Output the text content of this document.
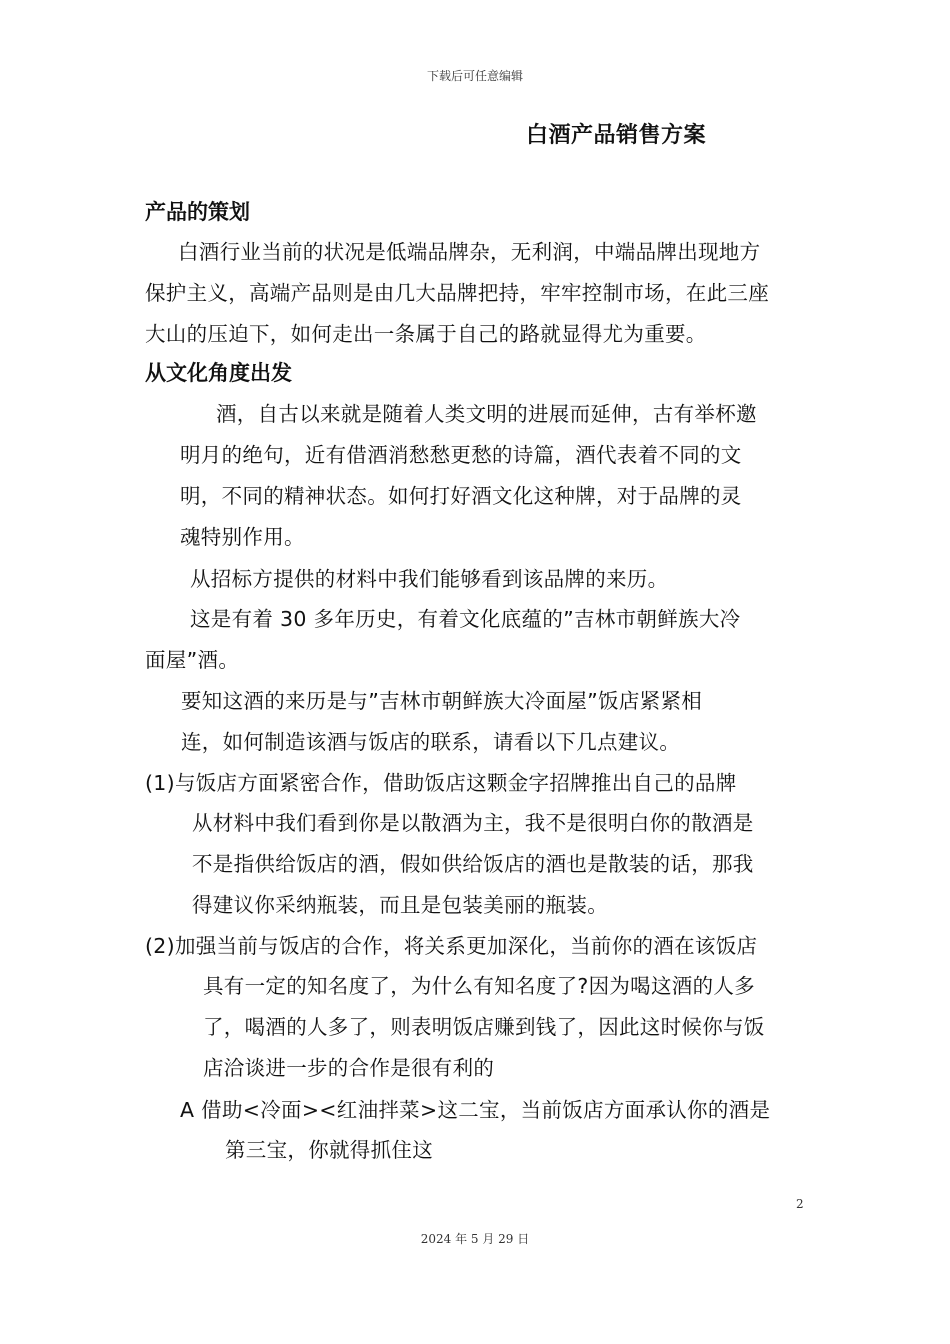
下载后可任意编辑
白酒产品销售方案
产品的策划

白酒行业当前的状况是低端品牌杂，无利润，中端品牌出现地方

保护主义，高端产品则是由几大品牌把持，牢牢控制市场，在此三座

大山的压迫下，如何走出一条属于自己的路就显得尤为重要。

从文化角度出发

酒，自古以来就是随着人类文明的进展而延伸，古有举杯邀

明月的绝句，近有借酒消愁愁更愁的诗篇，酒代表着不同的文

明，不同的精神状态。如何打好酒文化这种牌，对于品牌的灵

魂特别作用。

从招标方提供的材料中我们能够看到该品牌的来历。

这是有着 30 多年历史，有着文化底蕴的”吉林市朝鲜族大冷

面屋”酒。

要知这酒的来历是与”吉林市朝鲜族大冷面屋”饭店紧紧相

连，如何制造该酒与饭店的联系，请看以下几点建议。

(1)与饭店方面紧密合作，借助饭店这颗金字招牌推出自己的品牌

从材料中我们看到你是以散酒为主，我不是很明白你的散酒是

不是指供给饭店的酒，假如供给饭店的酒也是散装的话，那我

得建议你采纳瓶装，而且是包装美丽的瓶装。

(2)加强当前与饭店的合作，将关系更加深化，当前你的酒在该饭店

具有一定的知名度了，为什么有知名度了?因为喝这酒的人多

了，喝酒的人多了，则表明饭店赚到钱了，因此这时候你与饭

店洽谈进一步的合作是很有利的

A 借助<冷面><红油拌菜>这二宝，当前饭店方面承认你的酒是

第三宝，你就得抓住这

2
2024 年 5 月 29 日
